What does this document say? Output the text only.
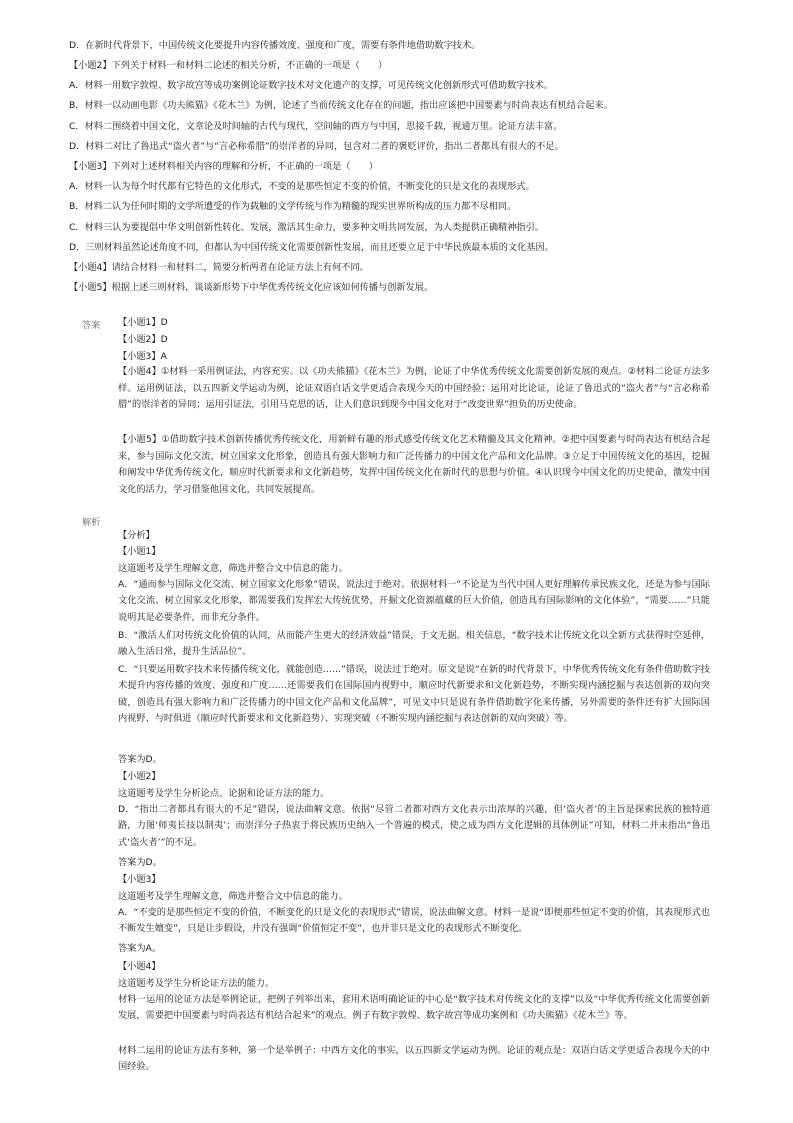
D．在新时代背景下，中国传统文化要提升内容传播效度、强度和广度，需要有条件地借助数字技术。
【小题2】下列关于材料一和材料二论述的相关分析，不正确的一项是（　　）
A．材料一用数字敦煌、数字故宫等成功案例论证数字技术对文化遗产的支撑，可见传统文化创新形式可借助数字技术。
B．材料一以动画电影《功夫熊猫》《花木兰》为例，论述了当前传统文化存在的问题，指出应该把中国要素与时尚表达有机结合起来。
C．材料二围绕着中国文化，文章论及时间轴的古代与现代，空间轴的西方与中国，思接千载，视通万里。论证方法丰富。
D．材料二对比了鲁迅式“盗火者”与“言必称希腊”的崇洋者的异同，包含对二者的褒贬评价，指出二者都具有很大的不足。
【小题3】下列对上述材料相关内容的理解和分析，不正确的一项是（　　）
A．材料一认为每个时代都有它特色的文化形式，不变的是那些恒定不变的价值，不断变化的只是文化的表现形式。
B．材料二认为任何时期的文学所遭受的作为载触的文学传统与作为精髓的现实世界所构成的压力都不尽相同。
C．材料三认为要提倡中华文明创新性转化、发展，激活其生命力，要多种文明共同发展，为人类提供正确精神指引。
D．三则材料虽然论述角度不同，但都认为中国传统文化需要创新性发展，而且还要立足于中华民族最本质的文化基因。
【小题4】请结合材料一和材料二，简要分析两者在论证方法上有何不同。
【小题5】根据上述三则材料，谈谈新形势下中华优秀传统文化应该如何传播与创新发展。
答案 【小题1】D
【小题2】D
【小题3】A
【小题4】①材料一采用例证法，内容充实。以《功夫熊猫》《花木兰》为例，论证了中华优秀传统文化需要创新发展的观点。②材料二论证方法多样。运用例证法，以五四新文学运动为例，论证双语白话文学更适合表现今天的中国经验；运用对比论证，论证了鲁迅式的“盗火者”与“言必称希腊”的崇洋者的异同；运用引证法，引用马克思的话，让人们意识到现今中国文化对于“改变世界”担负的历史使命。
【小题5】①借助数字技术创新传播优秀传统文化，用新鲜有趣的形式感受传统文化艺术精髓及其文化精神。②把中国要素与时尚表达有机结合起来，参与国际文化交流，树立国家文化形象，创造具有强大影响力和广泛传播力的中国文化产品和文化品牌。③立足于中国传统文化的基因，挖掘和阐发中华优秀传统文化，顺应时代新要求和文化新趋势，发挥中国传统文化在新时代的思想与价值。④认识现今中国文化的历史使命，激发中国文化的活力，学习借鉴他国文化，共同发展提高。
解析
【分析】
【小题1】
这道题考及学生理解文意，筛选并整合文中信息的能力。
A．“通而参与国际文化交流、树立国家文化形象”错误，说法过于绝对。依据材料一“不论是为当代中国人更好理解传承民族文化，还是为参与国际文化交流、树立国家文化形象，都需要我们发挥宏大传统优势，开掘文化资源蕴藏的巨大价值，创造具有国际影响的文化体验”，“需要……”只能说明其是必要条件，而非充分条件。
B．“激活人们对传统文化价值的认同，从而能产生更大的经济效益”错误，于文无据。相关信息，“数字技术让传统文化以全新方式获得时空延伸，融入生活日常，提升生活品位”。
C．“只要运用数字技术来传播传统文化，就能创造……”错误，说法过于绝对。原文是说“在新的时代背景下，中华优秀传统文化有条件借助数字技术提升内容传播的效度、强度和广度……还需要我们在国际国内视野中，顺应时代新要求和文化新趋势，不断实现内涵挖掘与表达创新的双向突破，创造具有强大影响力和广泛传播力的中国文化产品和文化品牌”，可见文中只是说有条件借助数字化来传播，另外需要的条件还有扩大国际国内视野、与时俱进（顺应时代新要求和文化新趋势）、实现突破（不断实现内涵挖掘与表达创新的双向突破）等。
答案为D。
【小题2】
这道题考及学生分析论点、论据和论证方法的能力。
D．“指出二者都具有很大的不足”错误，说法曲解文意。依据“尽管二者都对西方文化表示出浓厚的兴趣，但‘盗火者’的主旨是探索民族的独特道路，力图‘师夷长技以制夷’；而崇洋分子热衷于将民族历史纳入一个普遍的模式，使之成为西方文化逻辑的具体例证”可知，材料二并未指出“鲁迅式‘盗火者’”的不足。
答案为D。
【小题3】
这道题考及学生理解文意，筛选并整合文中信息的能力。
A．“不变的是那些恒定不变的价值，不断变化的只是文化的表现形式”错误，说法曲解文意。材料一是说“即便那些恒定不变的价值，其表现形式也不断发生嬗变”，只是让步假设，并没有强调“价值恒定不变”，也并非只是文化的表现形式不断变化。
答案为A。
【小题4】
这道题考及学生分析论证方法的能力。
材料一运用的论证方法是举例论证，把例子列举出来，套用术语明确论证的中心是“数字技术对传统文化的支撑”以及“中华优秀传统文化需要创新发展，需要把中国要素与时尚表达有机结合起来”的观点。例子有数字敦煌、数字故宫等成功案例和《功夫熊猫》《花木兰》等。
材料二运用的论证方法有多种，第一个是举例子：中西方文化的事实，以五四新文学运动为例。论证的观点是：双语白话文学更适合表现今天的中国经验。
